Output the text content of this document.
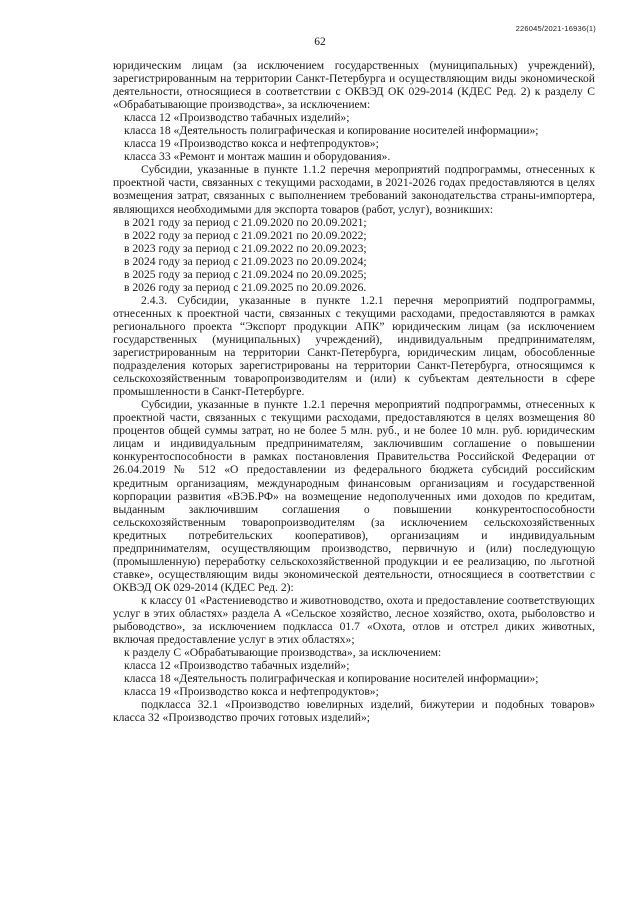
226045/2021-16936(1)
62

юридическим лицам (за исключением государственных (муниципальных) учреждений), зарегистрированным на территории Санкт-Петербурга и осуществляющим виды экономической деятельности, относящиеся в соответствии с ОКВЭД ОК 029-2014 (КДЕС Ред. 2) к разделу С «Обрабатывающие производства», за исключением:

класса 12 «Производство табачных изделий»;

класса 18 «Деятельность полиграфическая и копирование носителей информации»;

класса 19 «Производство кокса и нефтепродуктов»;

класса 33 «Ремонт и монтаж машин и оборудования».

Субсидии, указанные в пункте 1.1.2 перечня мероприятий подпрограммы, отнесенных к проектной части, связанных с текущими расходами, в 2021-2026 годах предоставляются в целях возмещения затрат, связанных с выполнением требований законодательства страны-импортера, являющихся необходимыми для экспорта товаров (работ, услуг), возникших:

в 2021 году за период с 21.09.2020 по 20.09.2021;

в 2022 году за период с 21.09.2021 по 20.09.2022;

в 2023 году за период с 21.09.2022 по 20.09.2023;

в 2024 году за период с 21.09.2023 по 20.09.2024;

в 2025 году за период с 21.09.2024 по 20.09.2025;

в 2026 году за период с 21.09.2025 по 20.09.2026.

2.4.3. Субсидии, указанные в пункте 1.2.1 перечня мероприятий подпрограммы, отнесенных к проектной части, связанных с текущими расходами, предоставляются в рамках регионального проекта “Экспорт продукции АПК” юридическим лицам (за исключением государственных (муниципальных) учреждений), индивидуальным предпринимателям, зарегистрированным на территории Санкт-Петербурга, юридическим лицам, обособленные подразделения которых зарегистрированы на территории Санкт-Петербурга, относящимся к сельскохозяйственным товаропроизводителям и (или) к субъектам деятельности в сфере промышленности в Санкт-Петербурге.

Субсидии, указанные в пункте 1.2.1 перечня мероприятий подпрограммы, отнесенных к проектной части, связанных с текущими расходами, предоставляются в целях возмещения 80 процентов общей суммы затрат, но не более 5 млн. руб., и не более 10 млн. руб. юридическим лицам и индивидуальным предпринимателям, заключившим соглашение о повышении конкурентоспособности в рамках постановления Правительства Российской Федерации от 26.04.2019 № 512 «О предоставлении из федерального бюджета субсидий российским кредитным организациям, международным финансовым организациям и государственной корпорации развития «ВЭБ.РФ» на возмещение недополученных ими доходов по кредитам, выданным заключившим соглашения о повышении конкурентоспособности сельскохозяйственным товаропроизводителям (за исключением сельскохозяйственных кредитных потребительских кооперативов), организациям и индивидуальным предпринимателям, осуществляющим производство, первичную и (или) последующую (промышленную) переработку сельскохозяйственной продукции и ее реализацию, по льготной ставке», осуществляющим виды экономической деятельности, относящиеся в соответствии с ОКВЭД ОК 029-2014 (КДЕС Ред. 2):

к классу 01 «Растениеводство и животноводство, охота и предоставление соответствующих услуг в этих областях» раздела А «Сельское хозяйство, лесное хозяйство, охота, рыболовство и рыбоводство», за исключением подкласса 01.7 «Охота, отлов и отстрел диких животных, включая предоставление услуг в этих областях»;

к разделу С «Обрабатывающие производства», за исключением:

класса 12 «Производство табачных изделий»;

класса 18 «Деятельность полиграфическая и копирование носителей информации»;

класса 19 «Производство кокса и нефтепродуктов»;

подкласса 32.1 «Производство ювелирных изделий, бижутерии и подобных товаров» класса 32 «Производство прочих готовых изделий»;
